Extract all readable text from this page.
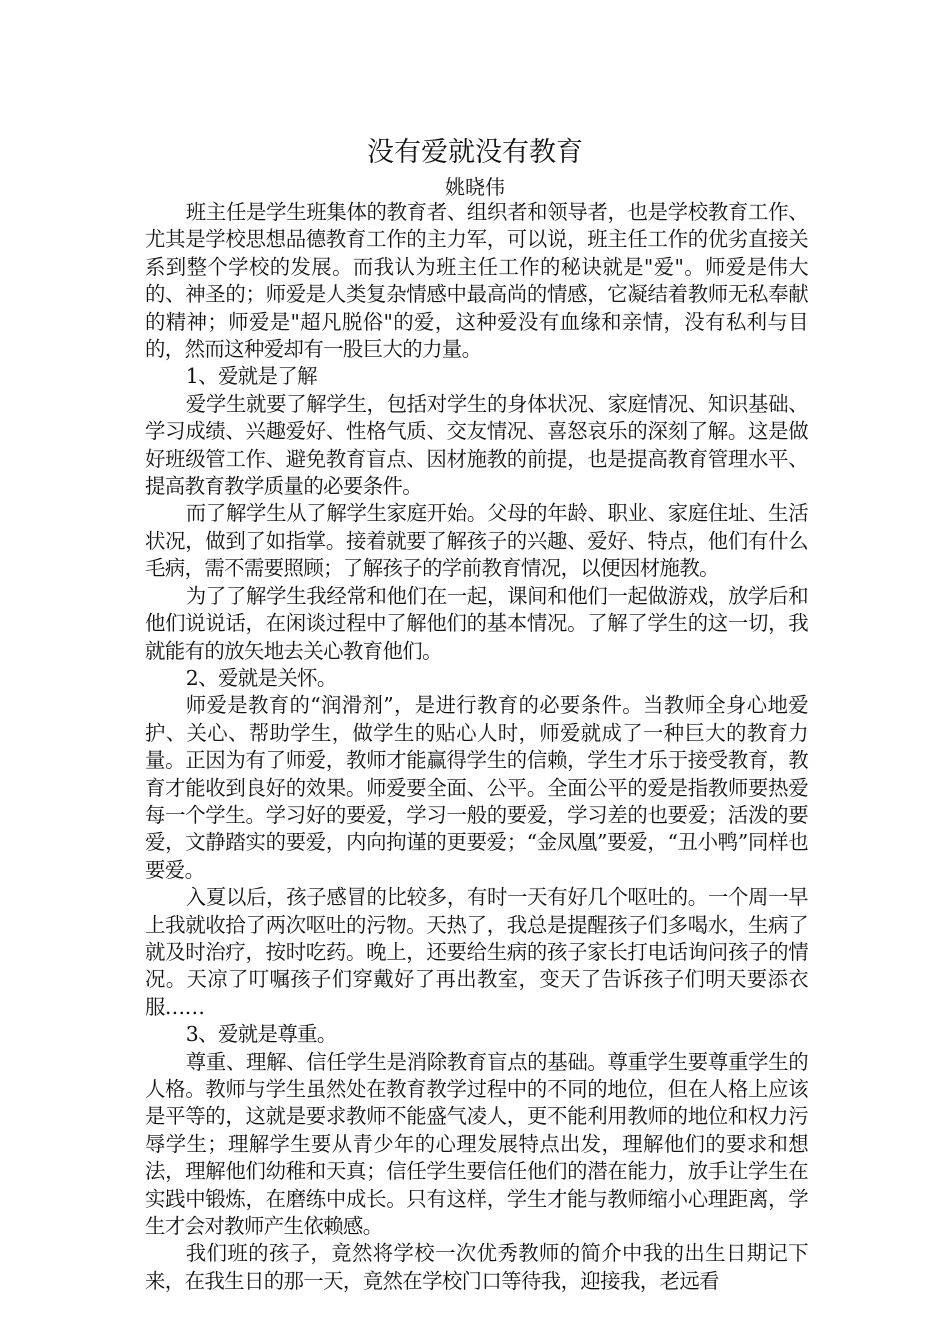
没有爱就没有教育
姚晓伟

班主任是学生班集体的教育者、组织者和领导者，也是学校教育工作、尤其是学校思想品德教育工作的主力军，可以说，班主任工作的优劣直接关系到整个学校的发展。而我认为班主任工作的秘诀就是"爱"。师爱是伟大的、神圣的；师爱是人类复杂情感中最高尚的情感，它凝结着教师无私奉献的精神；师爱是"超凡脱俗"的爱，这种爱没有血缘和亲情，没有私利与目的，然而这种爱却有一股巨大的力量。

1、爱就是了解

爱学生就要了解学生，包括对学生的身体状况、家庭情况、知识基础、学习成绩、兴趣爱好、性格气质、交友情况、喜怒哀乐的深刻了解。这是做好班级管工作、避免教育盲点、因材施教的前提，也是提高教育管理水平、提高教育教学质量的必要条件。

而了解学生从了解学生家庭开始。父母的年龄、职业、家庭住址、生活状况，做到了如指掌。接着就要了解孩子的兴趣、爱好、特点，他们有什么毛病，需不需要照顾；了解孩子的学前教育情况，以便因材施教。

为了了解学生我经常和他们在一起，课间和他们一起做游戏，放学后和他们说说话，在闲谈过程中了解他们的基本情况。了解了学生的这一切，我就能有的放矢地去关心教育他们。

2、爱就是关怀。

师爱是教育的“润滑剂”，是进行教育的必要条件。当教师全身心地爱护、关心、帮助学生，做学生的贴心人时，师爱就成了一种巨大的教育力量。正因为有了师爱，教师才能赢得学生的信赖，学生才乐于接受教育，教育才能收到良好的效果。师爱要全面、公平。全面公平的爱是指教师要热爱每一个学生。学习好的要爱，学习一般的要爱，学习差的也要爱；活泼的要爱，文静踏实的要爱，内向拘谨的更要爱；“金凤凰”要爱，“丑小鸭”同样也要爱。

入夏以后，孩子感冒的比较多，有时一天有好几个呕吐的。一个周一早上我就收拾了两次呕吐的污物。天热了，我总是提醒孩子们多喝水，生病了就及时治疗，按时吃药。晚上，还要给生病的孩子家长打电话询问孩子的情况。天凉了叮嘱孩子们穿戴好了再出教室，变天了告诉孩子们明天要添衣服……

3、爱就是尊重。

尊重、理解、信任学生是消除教育盲点的基础。尊重学生要尊重学生的人格。教师与学生虽然处在教育教学过程中的不同的地位，但在人格上应该是平等的，这就是要求教师不能盛气凌人，更不能利用教师的地位和权力污辱学生；理解学生要从青少年的心理发展特点出发，理解他们的要求和想法，理解他们幼稚和天真；信任学生要信任他们的潜在能力，放手让学生在实践中锻炼，在磨练中成长。只有这样，学生才能与教师缩小心理距离，学生才会对教师产生依赖感。

我们班的孩子，竟然将学校一次优秀教师的简介中我的出生日期记下来，在我生日的那一天，竟然在学校门口等待我，迎接我，老远看
